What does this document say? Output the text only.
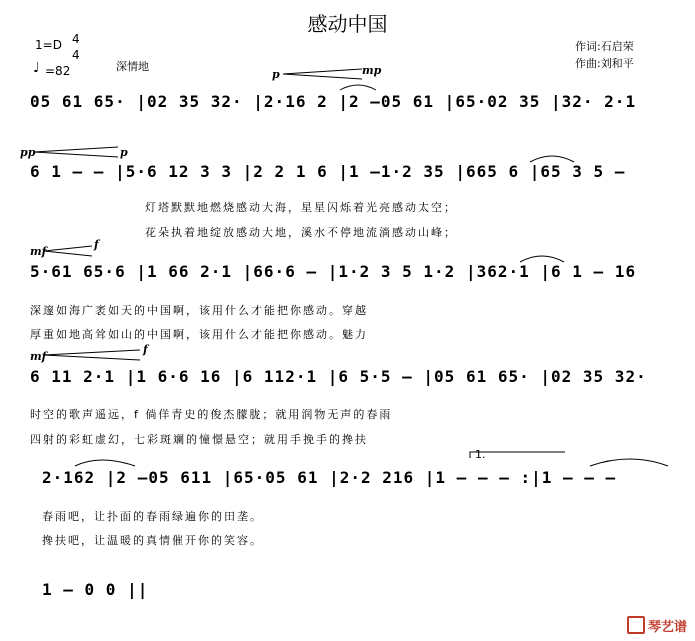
感动中国
作词:石启荣
作曲:刘和平
1=D 4
4
♩ =82	深情地
p	mp
pp	p
mf
f
mf
f
05 61 65· |02 35 32· |2·16 2 |2 –05 61 |65·02 35 |32· 2·1
6 1 – – |5·6 12 3 3 |2 2 1 6 |1 –1·2 35 |665 6 |65 3 5 –
灯塔默默地燃烧感动大海，星星闪烁着光亮感动太空；
花朵执着地绽放感动大地，溪水不停地流淌感动山峰；
5·61 65·6 |1 66 2·1 |66·6 – |1·2 3 5 1·2 |362·1 |6 1 – 16
深邃如海广袤如天的中国啊，该用什么才能把你感动。穿越
厚重如地高耸如山的中国啊，该用什么才能把你感动。魅力
6 11 2·1 |1 6·6 16 |6 112·1 |6 5·5 – |05 61 65· |02 35 32·
时空的歌声遥远，f 倘佯青史的俊杰朦胧；就用润物无声的春雨
四射的彩虹虚幻，七彩斑斓的憧憬悬空；就用手挽手的搀扶
1.
2·162 |2 –05 611 |65·05 61 |2·2 216 |1 – – – :|1 – – –
春雨吧，让扑面的春雨绿遍你的田垄。
搀扶吧，让温暖的真情催开你的笑容。
1 – 0 0 ||
琴艺谱
